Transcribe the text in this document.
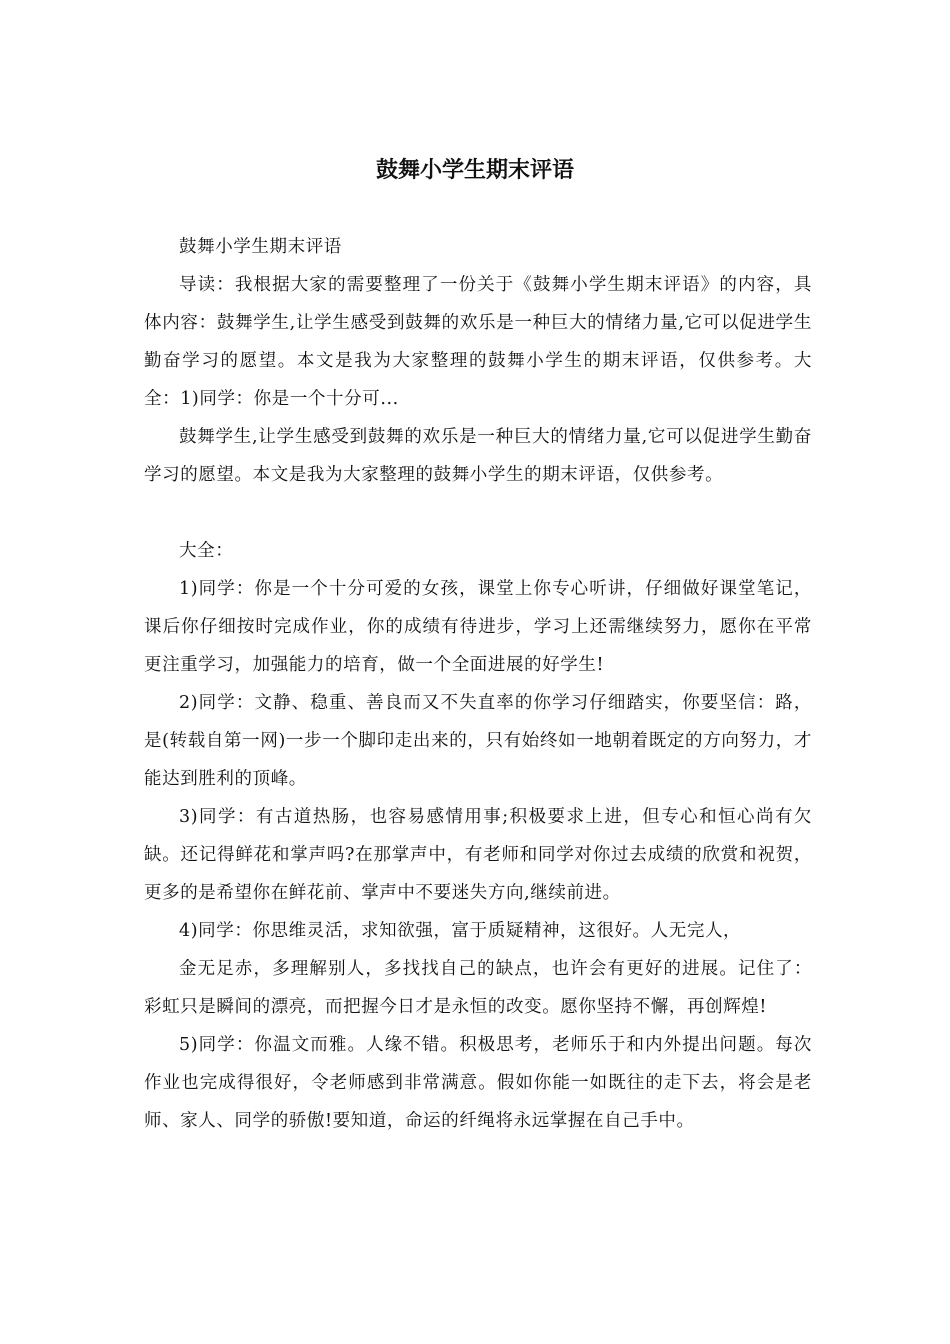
鼓舞小学生期末评语

鼓舞小学生期末评语

导读：我根据大家的需要整理了一份关于《鼓舞小学生期末评语》的内容，具体内容：鼓舞学生,让学生感受到鼓舞的欢乐是一种巨大的情绪力量,它可以促进学生勤奋学习的愿望。本文是我为大家整理的鼓舞小学生的期末评语，仅供参考。大全：1)同学：你是一个十分可...

鼓舞学生,让学生感受到鼓舞的欢乐是一种巨大的情绪力量,它可以促进学生勤奋学习的愿望。本文是我为大家整理的鼓舞小学生的期末评语，仅供参考。

大全：

1)同学：你是一个十分可爱的女孩，课堂上你专心听讲，仔细做好课堂笔记，课后你仔细按时完成作业，你的成绩有待进步，学习上还需继续努力，愿你在平常更注重学习，加强能力的培育，做一个全面进展的好学生!

2)同学：文静、稳重、善良而又不失直率的你学习仔细踏实，你要坚信：路，是(转载自第一网)一步一个脚印走出来的，只有始终如一地朝着既定的方向努力，才能达到胜利的顶峰。

3)同学：有古道热肠，也容易感情用事;积极要求上进，但专心和恒心尚有欠缺。还记得鲜花和掌声吗?在那掌声中，有老师和同学对你过去成绩的欣赏和祝贺，更多的是希望你在鲜花前、掌声中不要迷失方向,继续前进。

4)同学：你思维灵活，求知欲强，富于质疑精神，这很好。人无完人，

金无足赤，多理解别人，多找找自己的缺点，也许会有更好的进展。记住了：彩虹只是瞬间的漂亮，而把握今日才是永恒的改变。愿你坚持不懈，再创辉煌!

5)同学：你温文而雅。人缘不错。积极思考，老师乐于和内外提出问题。每次作业也完成得很好，令老师感到非常满意。假如你能一如既往的走下去，将会是老师、家人、同学的骄傲!要知道，命运的纤绳将永远掌握在自己手中。
